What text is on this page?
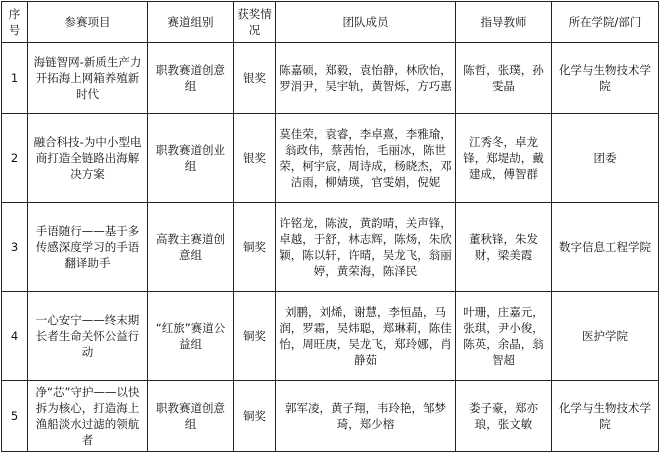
序号	参赛项目	赛道组别	获奖情况	团队成员	指导教师	所在学院/部门
1	海链智网-新质生产力开拓海上网箱养殖新时代	职教赛道创意组	银奖	陈嘉硕，郑毅，袁怡静，林欣怡，罗涓尹，吴宇轨，黄智烁，方巧惠	陈哲，张璞，孙雯晶	化学与生物技术学院
2	融合科技-为中小型电商打造全链路出海解决方案	职教赛道创业组	银奖	莫佳荣，袁睿，李卓熹，李雅瑜，翁政伟，蔡茜怡，毛丽冰，陈世荣，柯宇宸，周诗成，杨晓杰，邓洁雨，柳婧瑛，官雯娟，倪妮	江秀冬，卓龙锋，郑堤劼，戴建成，傅智群	团委
3	手语随行——基于多传感深度学习的手语翻译助手	高教主赛道创意组	铜奖	许铭龙，陈波，黄韵晴，关声锋，卓越，于舒，林志辉，陈炀，朱欣颖，陈以轩，许晴，吴龙飞，翁丽婷，黄荣海，陈泽民	董秋锋，朱发财，梁美霞	数字信息工程学院
4	一心安宁——终末期长者生命关怀公益行动	“红旅”赛道公益组	铜奖	刘鹏，刘烯，谢慧，李恒晶，马润，罗霜，吴炜聪，郑琳莉，陈佳怡，周旺庚，吴龙飞，郑玲娜，肖静茹	叶珊，庄嘉元，张琪，尹小俊，陈英，余晶，翁智超	医护学院
5	净“芯”守护——以快拆为核心，打造海上渔船淡水过滤的领航者	职教赛道创意组	铜奖	郭军凌，黄子翔，韦玲艳，邹梦琦，郑少榕	娄子豪，郑亦琅，张文敏	化学与生物技术学院
